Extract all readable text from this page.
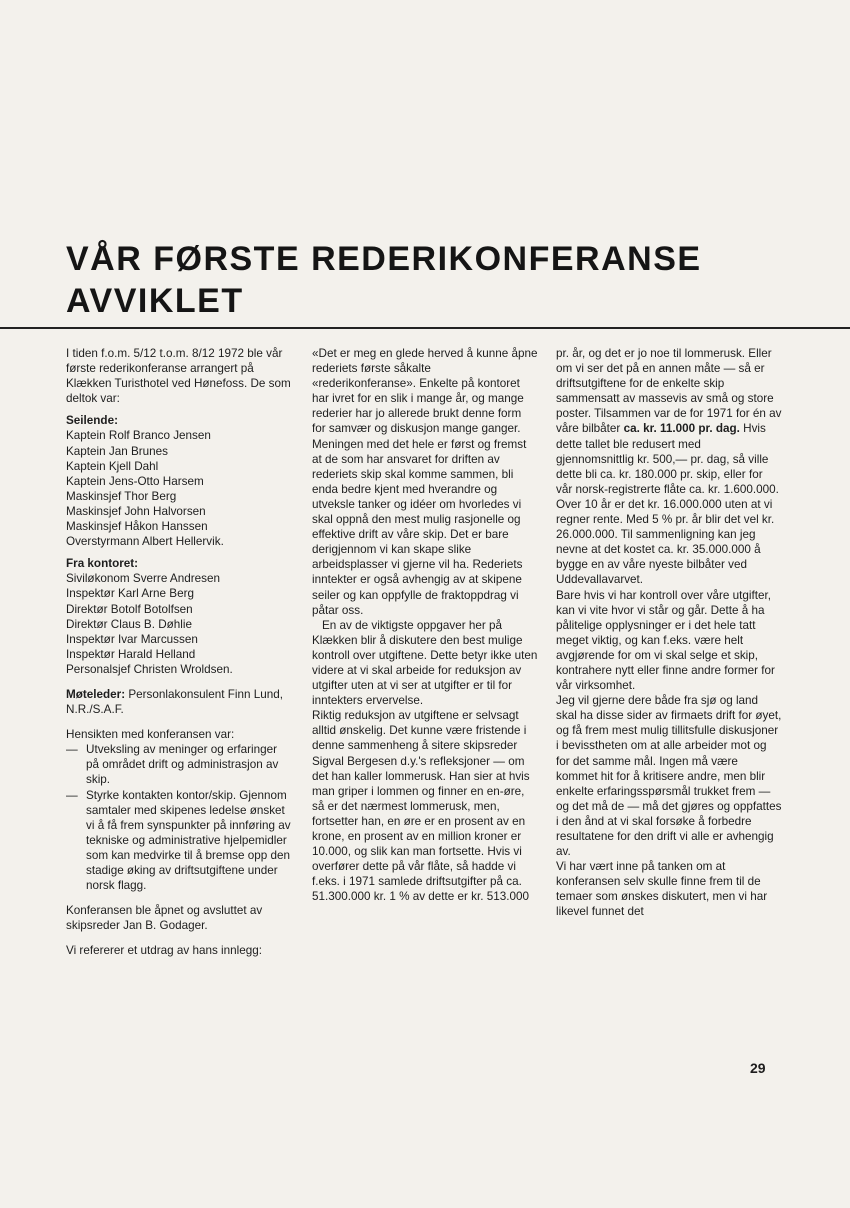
VÅR FØRSTE REDERIKONFERANSE
AVVIKLET

I tiden f.o.m. 5/12 t.o.m. 8/12 1972 ble vår første rederikonferanse arrangert på Klækken Turisthotel ved Hønefoss. De som deltok var:

Seilende:

Kaptein Rolf Branco Jensen

Kaptein Jan Brunes

Kaptein Kjell Dahl

Kaptein Jens-Otto Harsem

Maskinsjef Thor Berg

Maskinsjef John Halvorsen

Maskinsjef Håkon Hanssen

Overstyrmann Albert Hellervik.

Fra kontoret:

Siviløkonom Sverre Andresen

Inspektør Karl Arne Berg

Direktør Botolf Botolfsen

Direktør Claus B. Døhlie

Inspektør Ivar Marcussen

Inspektør Harald Helland

Personalsjef Christen Wroldsen.

Møteleder: Personlakonsulent Finn Lund, N.R./S.A.F.

Hensikten med konferansen var:

— Utveksling av meninger og erfaringer på området drift og administrasjon av skip.
— Styrke kontakten kontor/skip. Gjennom samtaler med skipenes ledelse ønsket vi å få frem synspunkter på innføring av tekniske og administrative hjelpemidler som kan medvirke til å bremse opp den stadige øking av driftsutgiftene under norsk flagg.

Konferansen ble åpnet og avsluttet av skipsreder Jan B. Godager.

Vi refererer et utdrag av hans innlegg:

«Det er meg en glede herved å kunne åpne rederiets første såkalte «rederikonferanse». Enkelte på kontoret har ivret for en slik i mange år, og mange rederier har jo allerede brukt denne form for samvær og diskusjon mange ganger.

Meningen med det hele er først og fremst at de som har ansvaret for driften av rederiets skip skal komme sammen, bli enda bedre kjent med hverandre og utveksle tanker og idéer om hvorledes vi skal oppnå den mest mulig rasjonelle og effektive drift av våre skip. Det er bare derigjennom vi kan skape slike arbeidsplasser vi gjerne vil ha. Rederiets inntekter er også avhengig av at skipene seiler og kan oppfylle de fraktoppdrag vi påtar oss.

En av de viktigste oppgaver her på Klækken blir å diskutere den best mulige kontroll over utgiftene. Dette betyr ikke uten videre at vi skal arbeide for reduksjon av utgifter uten at vi ser at utgifter er til for inntekters ervervelse.

Riktig reduksjon av utgiftene er selvsagt alltid ønskelig. Det kunne være fristende i denne sammenheng å sitere skipsreder Sigval Bergesen d.y.'s refleksjoner — om det han kaller lommerusk. Han sier at hvis man griper i lommen og finner en en-øre, så er det nærmest lommerusk, men, fortsetter han, en øre er en prosent av en krone, en prosent av en million kroner er 10.000, og slik kan man fortsette. Hvis vi overfører dette på vår flåte, så hadde vi f.eks. i 1971 samlede driftsutgifter på ca. 51.300.000 kr. 1 % av dette er kr. 513.000

pr. år, og det er jo noe til lommerusk. Eller om vi ser det på en annen måte — så er driftsutgiftene for de enkelte skip sammensatt av massevis av små og store poster. Tilsammen var de for 1971 for én av våre bilbåter ca. kr. 11.000 pr. dag. Hvis dette tallet ble redusert med gjennomsnittlig kr. 500,— pr. dag, så ville dette bli ca. kr. 180.000 pr. skip, eller for vår norsk-registrerte flåte ca. kr. 1.600.000. Over 10 år er det kr. 16.000.000 uten at vi regner rente. Med 5 % pr. år blir det vel kr. 26.000.000. Til sammenligning kan jeg nevne at det kostet ca. kr. 35.000.000 å bygge en av våre nyeste bilbåter ved Uddevallavarvet.

Bare hvis vi har kontroll over våre utgifter, kan vi vite hvor vi står og går. Dette å ha pålitelige opplysninger er i det hele tatt meget viktig, og kan f.eks. være helt avgjørende for om vi skal selge et skip, kontrahere nytt eller finne andre former for vår virksomhet.

Jeg vil gjerne dere både fra sjø og land skal ha disse sider av firmaets drift for øyet, og få frem mest mulig tillitsfulle diskusjoner i bevisstheten om at alle arbeider mot og for det samme mål. Ingen må være kommet hit for å kritisere andre, men blir enkelte erfaringsspørsmål trukket frem — og det må de — må det gjøres og oppfattes i den ånd at vi skal forsøke å forbedre resultatene for den drift vi alle er avhengig av.

Vi har vært inne på tanken om at konferansen selv skulle finne frem til de temaer som ønskes diskutert, men vi har likevel funnet det

29
